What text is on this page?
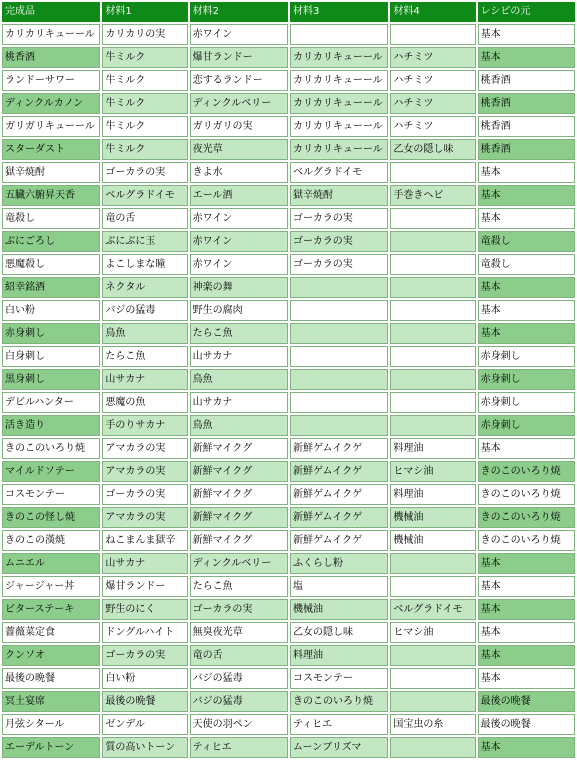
完成品	材料1	材料2	材料3	材料4	レシピの元
カリカリキューール	カリカリの実	赤ワイン			基本
桃香酒	牛ミルク	爆甘ランドー	カリカリキューール	ハチミツ	基本
ランドーサワー	牛ミルク	恋するランドー	カリカリキューール	ハチミツ	桃香酒
ディンクルカノン	牛ミルク	ディンクルベリー	カリカリキューール	ハチミツ	桃香酒
ガリガリキューール	牛ミルク	ガリガリの実	カリカリキューール	ハチミツ	桃香酒
スターダスト	牛ミルク	夜光草	カリカリキューール	乙女の隠し味	桃香酒
獄辛焼酎	ゴーカラの実	きよ水	ベルグラドイモ		基本
五臓六腑昇天香	ベルグラドイモ	エール酒	獄辛焼酎	手巻きヘビ	基本
竜殺し	竜の舌	赤ワイン	ゴーカラの実		基本
ぶにごろし	ぶにぶに玉	赤ワイン	ゴーカラの実		竜殺し
悪魔殺し	よこしまな瞳	赤ワイン	ゴーカラの実		竜殺し
紹幸銘酒	ネクタル	神楽の舞			基本
白い粉	バジの猛毒	野生の腐肉			基本
赤身刺し	鳥魚	たらこ魚			基本
白身刺し	たらこ魚	山サカナ			赤身刺し
黒身刺し	山サカナ	鳥魚			赤身刺し
デビルハンター	悪魔の魚	山サカナ			赤身刺し
活き造り	手のりサカナ	鳥魚			赤身刺し
きのこのいろり焼	アマカラの実	新鮮マイクグ	新鮮ゲムイクゲ	料理油	基本
マイルドソテー	アマカラの実	新鮮マイクグ	新鮮ゲムイクゲ	ヒマシ油	きのこのいろり焼
コスモンテー	ゴーカラの実	新鮮マイクグ	新鮮ゲムイクゲ	料理油	きのこのいろり焼
きのこの怪し焼	アマカラの実	新鮮マイクグ	新鮮ゲムイクゲ	機械油	きのこのいろり焼
きのこの漢焼	ねこまんま獄辛	新鮮マイクグ	新鮮ゲムイクゲ	機械油	きのこのいろり焼
ムニエル	山サカナ	ディンクルベリー	ふくらし粉		基本
ジャージャー丼	爆甘ランドー	たらこ魚	塩		基本
ビターステーキ	野生のにく	ゴーカラの実	機械油	ベルグラドイモ	基本
薔薇菜定食	ドングルハイト	無臭夜光草	乙女の隠し味	ヒマシ油	基本
クンソオ	ゴーカラの実	竜の舌	料理油		基本
最後の晩餐	白い粉	バジの猛毒	コスモンテー		基本
冥土宴席	最後の晩餐	バジの猛毒	きのこのいろり焼		最後の晩餐
月弦シタール	ゼンデル	天使の羽ペン	ティヒエ	国宝虫の糸	最後の晩餐
エーデルトーン	質の高いトーン	ティヒエ	ムーンブリズマ		基本
